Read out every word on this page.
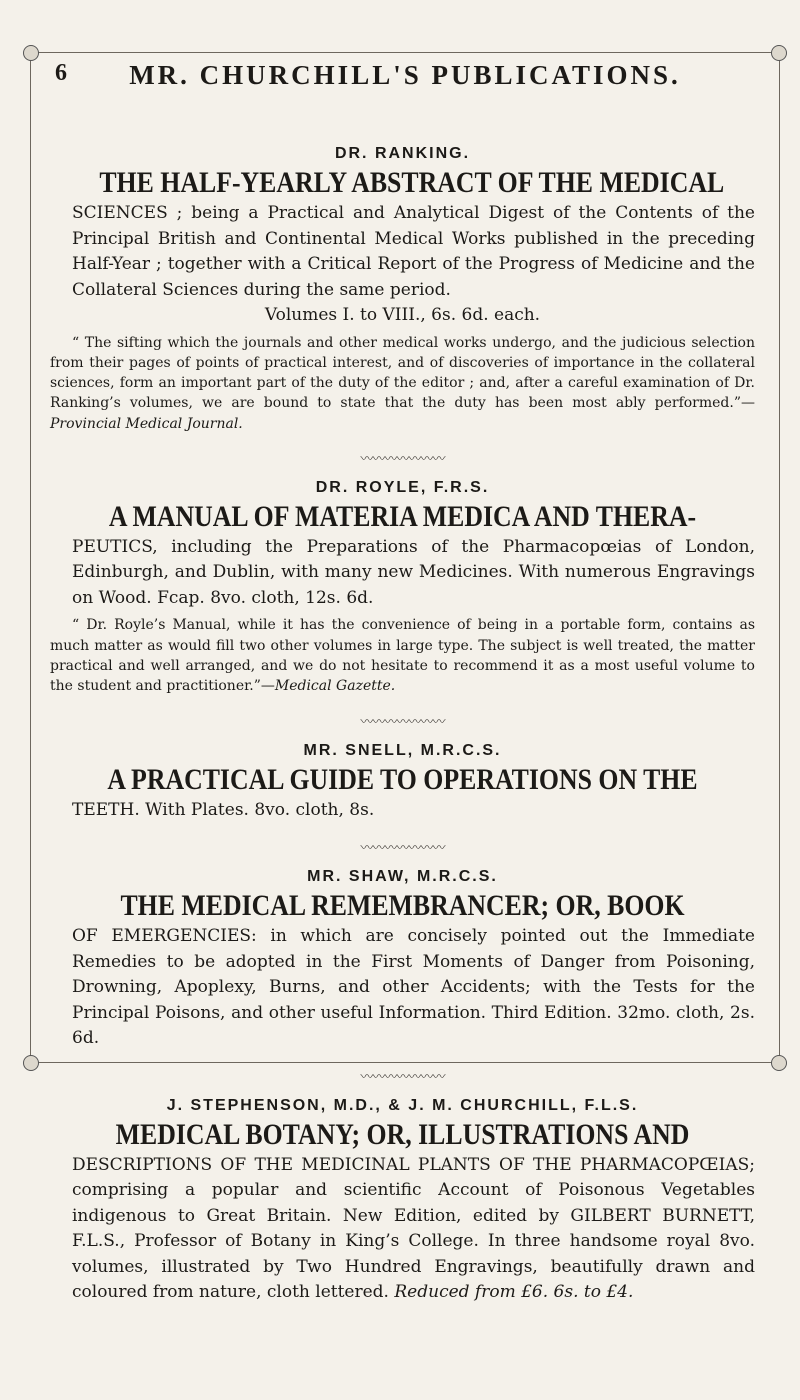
6	MR. CHURCHILL'S PUBLICATIONS.
DR. RANKING.
THE HALF-YEARLY ABSTRACT OF THE MEDICAL

SCIENCES ; being a Practical and Analytical Digest of the Contents of the Principal British and Continental Medical Works published in the preceding Half-Year ; together with a Critical Report of the Progress of Medicine and the Collateral Sciences during the same period.

Volumes I. to VIII., 6s. 6d. each.

“ The sifting which the journals and other medical works undergo, and the judicious selection from their pages of points of practical interest, and of discoveries of importance in the collateral sciences, form an important part of the duty of the editor ; and, after a careful examination of Dr. Ranking’s volumes, we are bound to state that the duty has been most ably performed.”—Provincial Medical Journal.

〰〰〰〰〰〰〰
DR. ROYLE, F.R.S.
A MANUAL OF MATERIA MEDICA AND THERA-

PEUTICS, including the Preparations of the Pharmacopœias of London, Edinburgh, and Dublin, with many new Medicines. With numerous Engravings on Wood. Fcap. 8vo. cloth, 12s. 6d.

“ Dr. Royle’s Manual, while it has the convenience of being in a portable form, contains as much matter as would fill two other volumes in large type. The subject is well treated, the matter practical and well arranged, and we do not hesitate to recommend it as a most useful volume to the student and practitioner.”—Medical Gazette.

〰〰〰〰〰〰〰
MR. SNELL, M.R.C.S.
A PRACTICAL GUIDE TO OPERATIONS ON THE

TEETH. With Plates. 8vo. cloth, 8s.

〰〰〰〰〰〰〰
MR. SHAW, M.R.C.S.
THE MEDICAL REMEMBRANCER; OR, BOOK

OF EMERGENCIES: in which are concisely pointed out the Immediate Remedies to be adopted in the First Moments of Danger from Poisoning, Drowning, Apoplexy, Burns, and other Accidents; with the Tests for the Principal Poisons, and other useful Information. Third Edition. 32mo. cloth, 2s. 6d.

〰〰〰〰〰〰〰
J. STEPHENSON, M.D., & J. M. CHURCHILL, F.L.S.
MEDICAL BOTANY; OR, ILLUSTRATIONS AND

DESCRIPTIONS OF THE MEDICINAL PLANTS OF THE PHARMACOPŒIAS; comprising a popular and scientific Account of Poisonous Vegetables indigenous to Great Britain. New Edition, edited by GILBERT BURNETT, F.L.S., Professor of Botany in King’s College. In three handsome royal 8vo. volumes, illustrated by Two Hundred Engravings, beautifully drawn and coloured from nature, cloth lettered. Reduced from £6. 6s. to £4.
